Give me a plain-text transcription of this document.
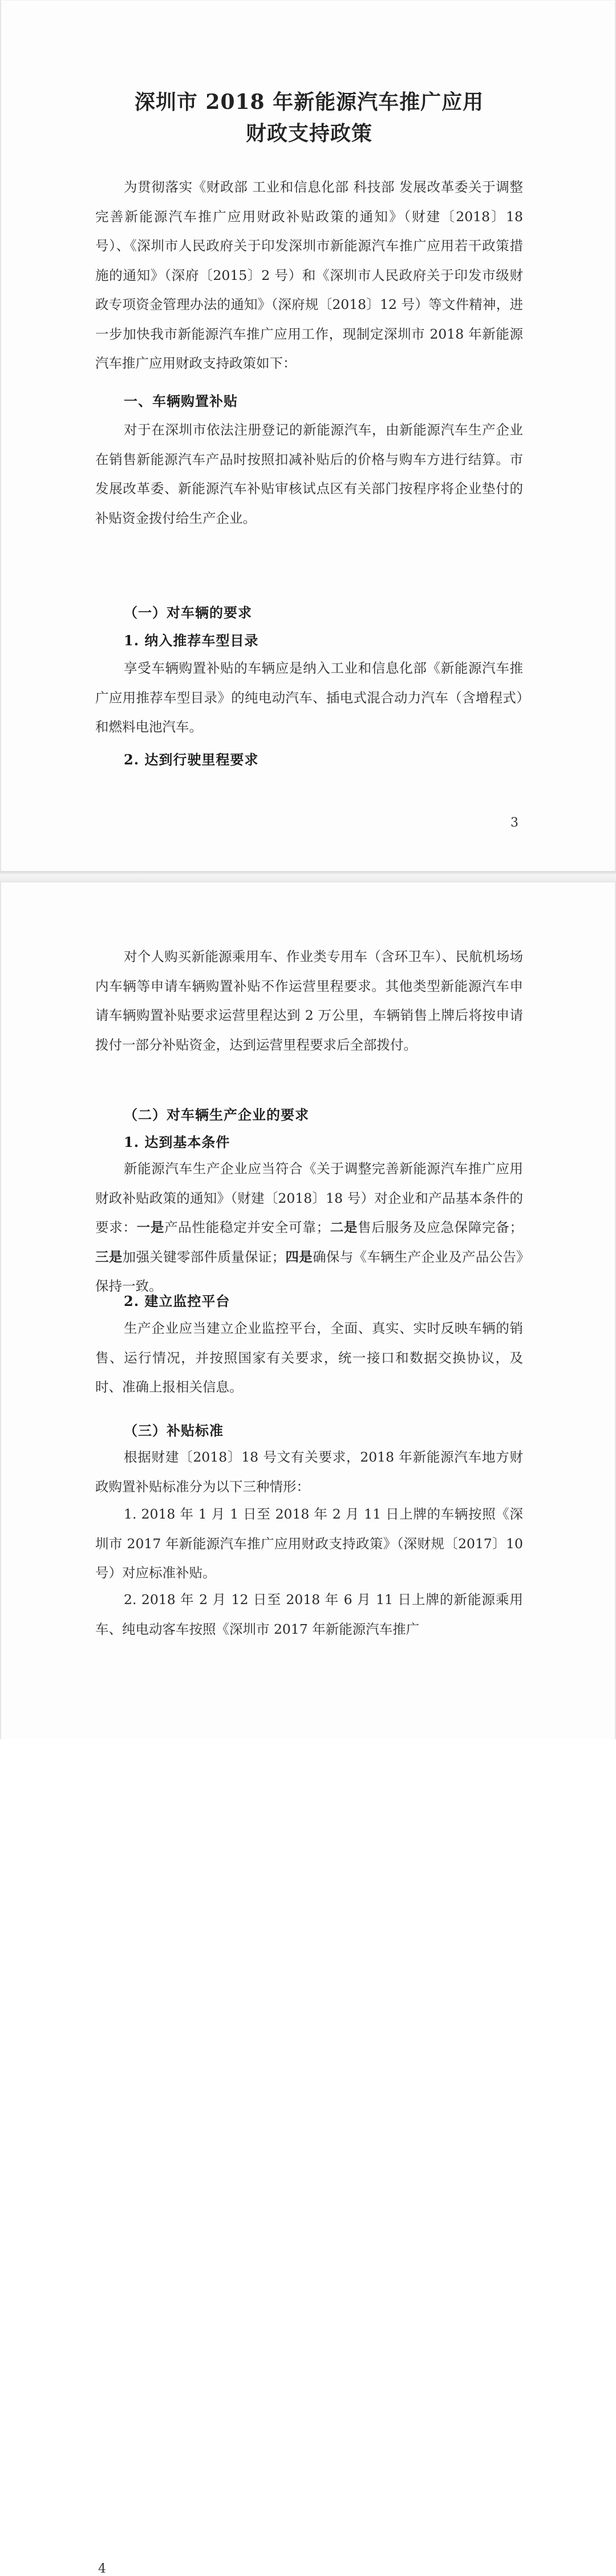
深圳市 2018 年新能源汽车推广应用
财政支持政策

为贯彻落实《财政部 工业和信息化部 科技部 发展改革委关于调整完善新能源汽车推广应用财政补贴政策的通知》（财建〔2018〕18 号）、《深圳市人民政府关于印发深圳市新能源汽车推广应用若干政策措施的通知》（深府〔2015〕2 号）和《深圳市人民政府关于印发市级财政专项资金管理办法的通知》（深府规〔2018〕12 号）等文件精神，进一步加快我市新能源汽车推广应用工作，现制定深圳市 2018 年新能源汽车推广应用财政支持政策如下：

一、车辆购置补贴

对于在深圳市依法注册登记的新能源汽车，由新能源汽车生产企业在销售新能源汽车产品时按照扣减补贴后的价格与购车方进行结算。市发展改革委、新能源汽车补贴审核试点区有关部门按程序将企业垫付的补贴资金拨付给生产企业。

（一）对车辆的要求

1. 纳入推荐车型目录

享受车辆购置补贴的车辆应是纳入工业和信息化部《新能源汽车推广应用推荐车型目录》的纯电动汽车、插电式混合动力汽车（含增程式）和燃料电池汽车。

2. 达到行驶里程要求

3

对个人购买新能源乘用车、作业类专用车（含环卫车）、民航机场场内车辆等申请车辆购置补贴不作运营里程要求。其他类型新能源汽车申请车辆购置补贴要求运营里程达到 2 万公里，车辆销售上牌后将按申请拨付一部分补贴资金，达到运营里程要求后全部拨付。

（二）对车辆生产企业的要求

1. 达到基本条件

新能源汽车生产企业应当符合《关于调整完善新能源汽车推广应用财政补贴政策的通知》（财建〔2018〕18 号）对企业和产品基本条件的要求：一是产品性能稳定并安全可靠；二是售后服务及应急保障完备；三是加强关键零部件质量保证；四是确保与《车辆生产企业及产品公告》保持一致。

2. 建立监控平台

生产企业应当建立企业监控平台，全面、真实、实时反映车辆的销售、运行情况，并按照国家有关要求，统一接口和数据交换协议，及时、准确上报相关信息。

（三）补贴标准

根据财建〔2018〕18 号文有关要求，2018 年新能源汽车地方财政购置补贴标准分为以下三种情形：

1. 2018 年 1 月 1 日至 2018 年 2 月 11 日上牌的车辆按照《深圳市 2017 年新能源汽车推广应用财政支持政策》（深财规〔2017〕10 号）对应标准补贴。

2. 2018 年 2 月 12 日至 2018 年 6 月 11 日上牌的新能源乘用车、纯电动客车按照《深圳市 2017 年新能源汽车推广

4
